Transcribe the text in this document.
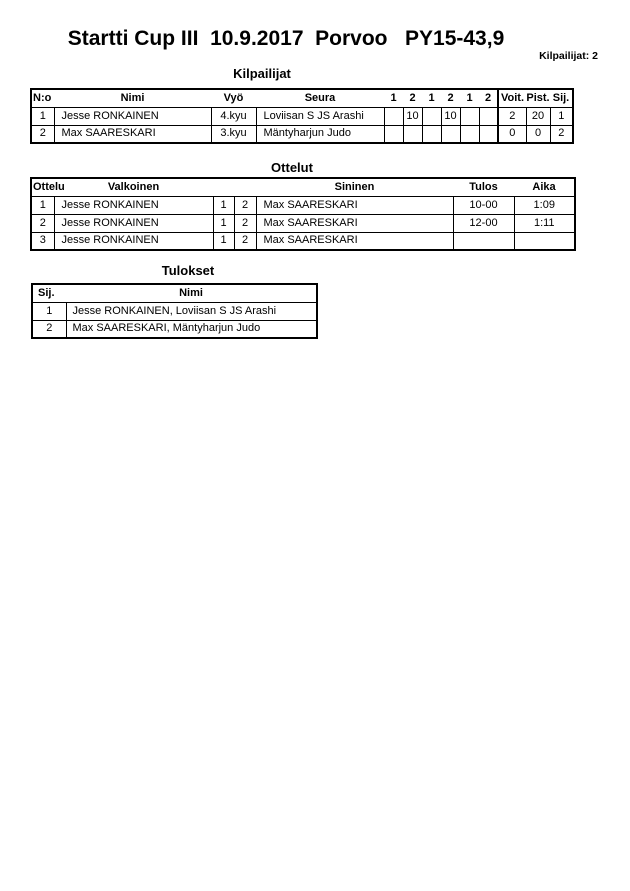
Startti Cup III  10.9.2017  Porvoo   PY15-43,9
Kilpailijat: 2
Kilpailijat
N:o	Nimi	Vyö	Seura	1	2	1	2	1	2	Voit.	Pist.	Sij.
1	Jesse RONKAINEN	4.kyu	Loviisan S JS Arashi		10		10			2	20	1
2	Max SAARESKARI	3.kyu	Mäntyharjun Judo							0	0	2
Ottelut
Ottelu	Valkoinen			Sininen	Tulos	Aika
1	Jesse RONKAINEN	1	2	Max SAARESKARI	10-00	1:09
2	Jesse RONKAINEN	1	2	Max SAARESKARI	12-00	1:11
3	Jesse RONKAINEN	1	2	Max SAARESKARI		
Tulokset
Sij.	Nimi
1	Jesse RONKAINEN, Loviisan S JS Arashi
2	Max SAARESKARI, Mäntyharjun Judo
